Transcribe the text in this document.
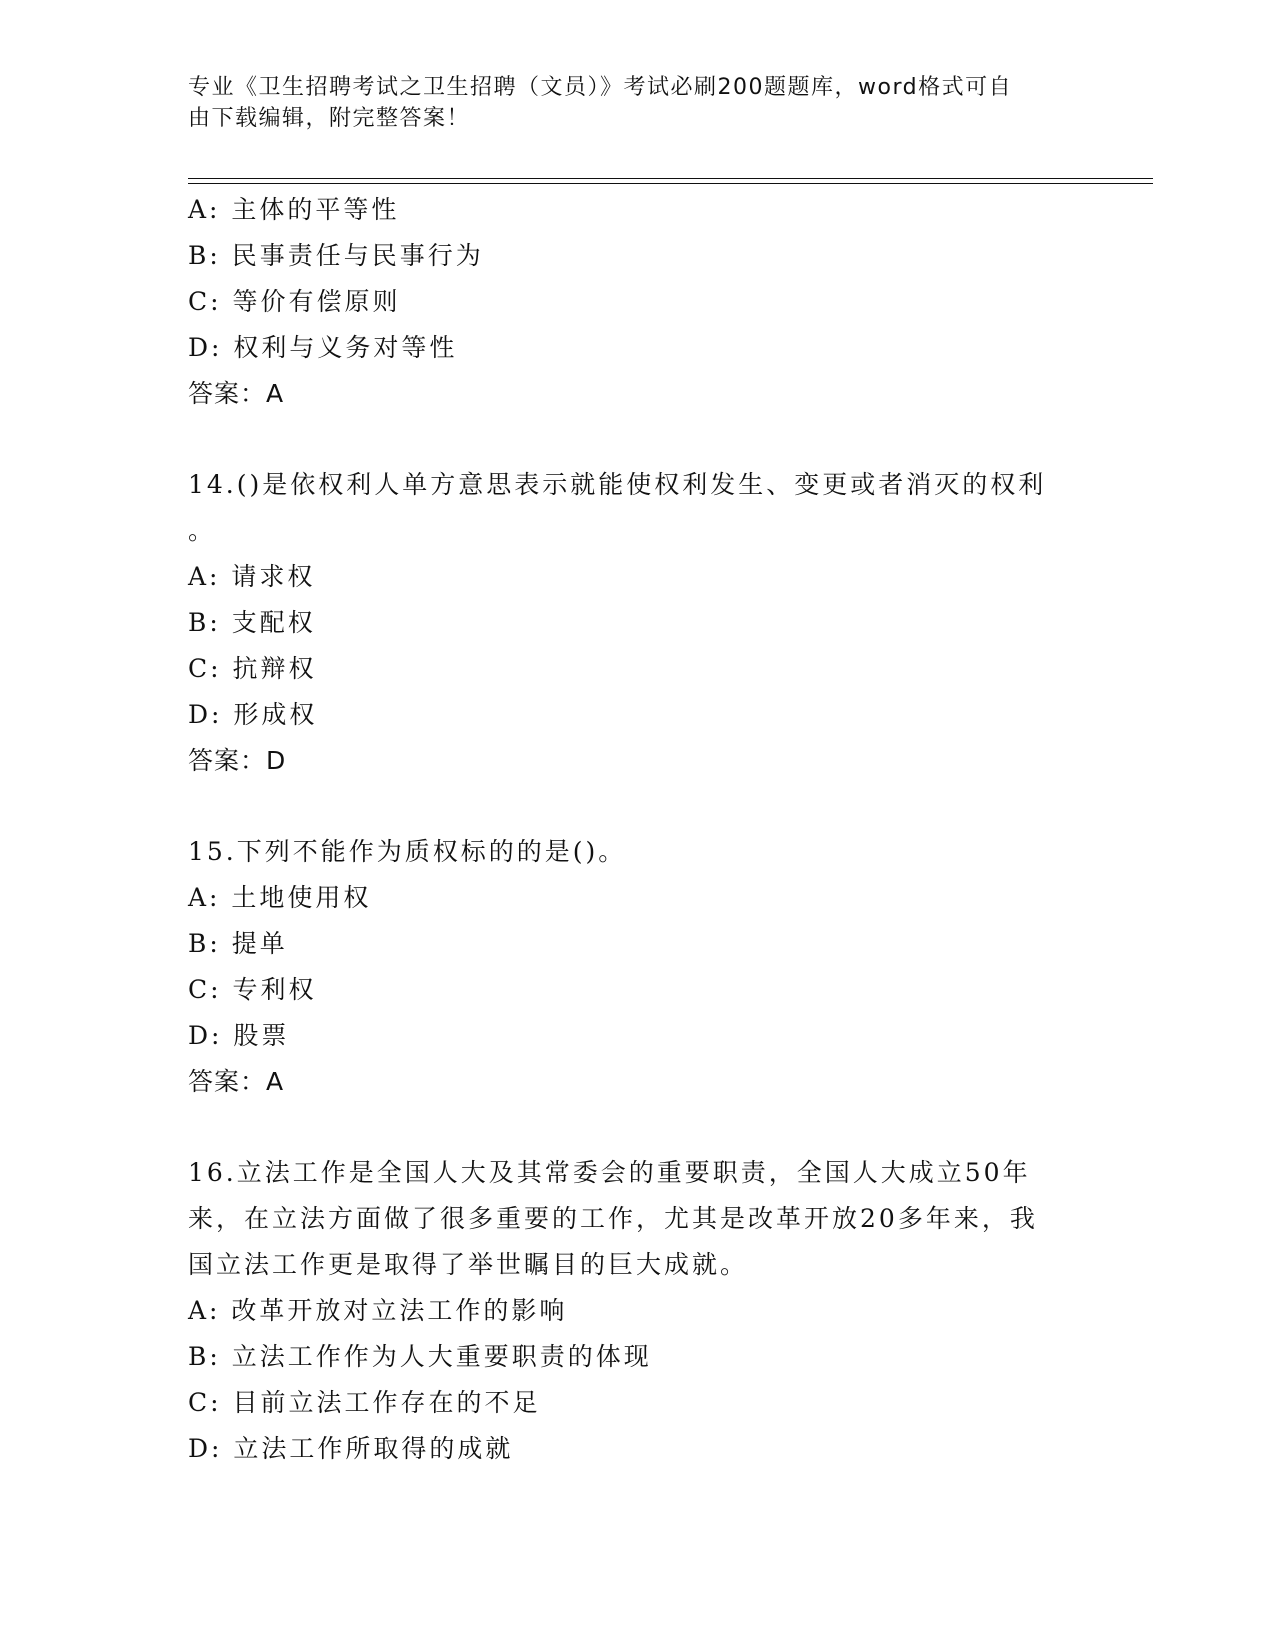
专业《卫生招聘考试之卫生招聘（文员）》考试必刷200题题库，word格式可自
由下载编辑，附完整答案！
A: 主体的平等性
B: 民事责任与民事行为
C: 等价有偿原则
D: 权利与义务对等性
答案：A
14.()是依权利人单方意思表示就能使权利发生、变更或者消灭的权利
。
A: 请求权
B: 支配权
C: 抗辩权
D: 形成权
答案：D
15.下列不能作为质权标的的是()。
A: 土地使用权
B: 提单
C: 专利权
D: 股票
答案：A
16.立法工作是全国人大及其常委会的重要职责，全国人大成立50年
来，在立法方面做了很多重要的工作，尤其是改革开放20多年来，我
国立法工作更是取得了举世瞩目的巨大成就。
A: 改革开放对立法工作的影响
B: 立法工作作为人大重要职责的体现
C: 目前立法工作存在的不足
D: 立法工作所取得的成就
